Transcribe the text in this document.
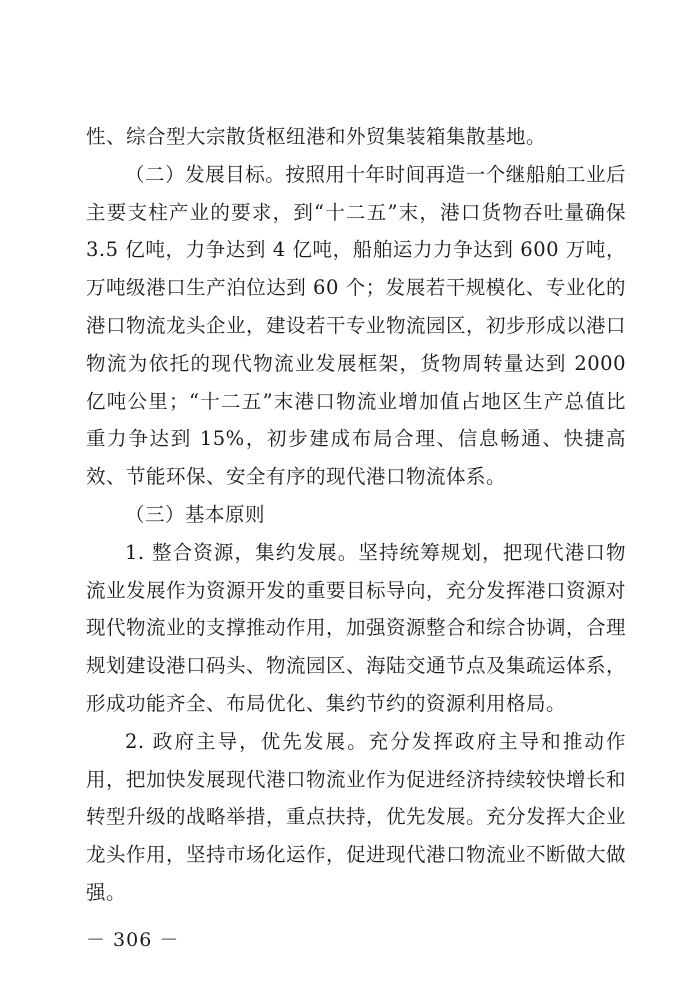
性、综合型大宗散货枢纽港和外贸集装箱集散基地。

（二）发展目标。按照用十年时间再造一个继船舶工业后主要支柱产业的要求，到“十二五”末，港口货物吞吐量确保 3.5 亿吨，力争达到 4 亿吨，船舶运力力争达到 600 万吨，万吨级港口生产泊位达到 60 个；发展若干规模化、专业化的港口物流龙头企业，建设若干专业物流园区，初步形成以港口物流为依托的现代物流业发展框架，货物周转量达到 2000 亿吨公里；“十二五”末港口物流业增加值占地区生产总值比重力争达到 15%，初步建成布局合理、信息畅通、快捷高效、节能环保、安全有序的现代港口物流体系。

（三）基本原则

1. 整合资源，集约发展。坚持统筹规划，把现代港口物流业发展作为资源开发的重要目标导向，充分发挥港口资源对现代物流业的支撑推动作用，加强资源整合和综合协调，合理规划建设港口码头、物流园区、海陆交通节点及集疏运体系，形成功能齐全、布局优化、集约节约的资源利用格局。

2. 政府主导，优先发展。充分发挥政府主导和推动作用，把加快发展现代港口物流业作为促进经济持续较快增长和转型升级的战略举措，重点扶持，优先发展。充分发挥大企业龙头作用，坚持市场化运作，促进现代港口物流业不断做大做强。

－ 306 －
